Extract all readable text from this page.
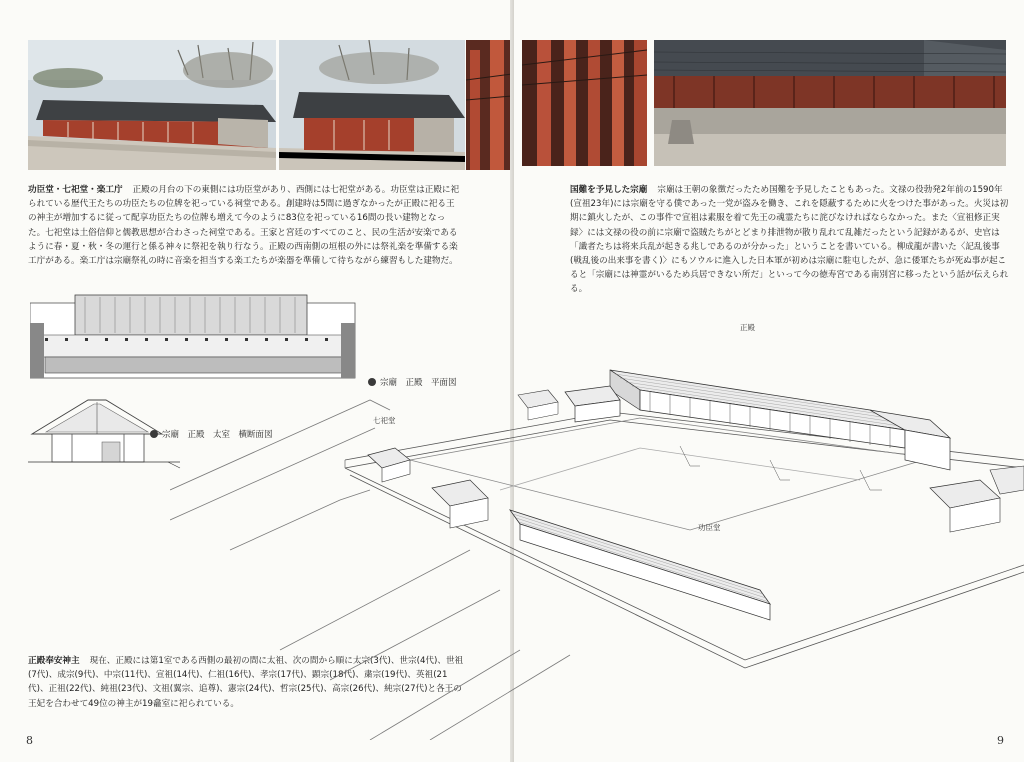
功臣堂・七祀堂・楽工庁 正殿の月台の下の東側には功臣堂があり、西側には七祀堂がある。功臣堂は正殿に祀られている歴代王たちの功臣たちの位牌を祀っている祠堂である。創建時は5間に過ぎなかったが正殿に祀る王の神主が増加するに従って配享功臣たちの位牌も増えて今のように83位を祀っている16間の長い建物となった。七祀堂は土俗信仰と儒教思想が合わさった祠堂である。王家と宮廷のすべてのこと、民の生活が安楽であるように春・夏・秋・冬の運行と係る神々に祭祀を執り行なう。正殿の西南側の垣根の外には祭礼楽を準備する楽工庁がある。楽工庁は宗廟祭礼の時に音楽を担当する楽工たちが楽器を準備して待ちながら練習もした建物だ。
宗廟　正殿　平面図
宗廟　正殿　太室　横断面図
正殿奉安神主 現在、正殿には第1室である西側の最初の間に太祖、次の間から順に太宗(3代)、世宗(4代)、世祖(7代)、成宗(9代)、中宗(11代)、宣祖(14代)、仁祖(16代)、孝宗(17代)、顕宗(18代)、粛宗(19代)、英祖(21代)、正祖(22代)、純祖(23代)、文祖(翼宗、追尊)、憲宗(24代)、哲宗(25代)、高宗(26代)、純宗(27代)と各王の王妃を合わせて49位の神主が19龕室に祀られている。
8
国難を予見した宗廟 宗廟は王朝の象徴だったため国難を予見したこともあった。文禄の役勃発2年前の1590年(宣祖23年)には宗廟を守る僕であった一党が盗みを働き、これを隠蔽するために火をつけた事があった。火災は初期に鎮火したが、この事件で宣祖は素服を着て先王の魂霊たちに詫びなければならなかった。また〈宣祖修正実録〉には文禄の役の前に宗廟で盗賊たちがとどまり排泄物が散り乱れて乱雑だったという記録があるが、史官は「識者たちは将来兵乱が起きる兆しであるのが分かった」ということを書いている。柳成龍が書いた〈記乱後事(戦乱後の出来事を書く)〉にもソウルに進入した日本軍が初めは宗廟に駐屯したが、急に倭軍たちが死ぬ事が起こると「宗廟には神霊がいるため兵居できない所だ」といって今の徳寿宮である南別宮に移ったという話が伝えられる。
9
正殿
七祀堂
功臣堂
